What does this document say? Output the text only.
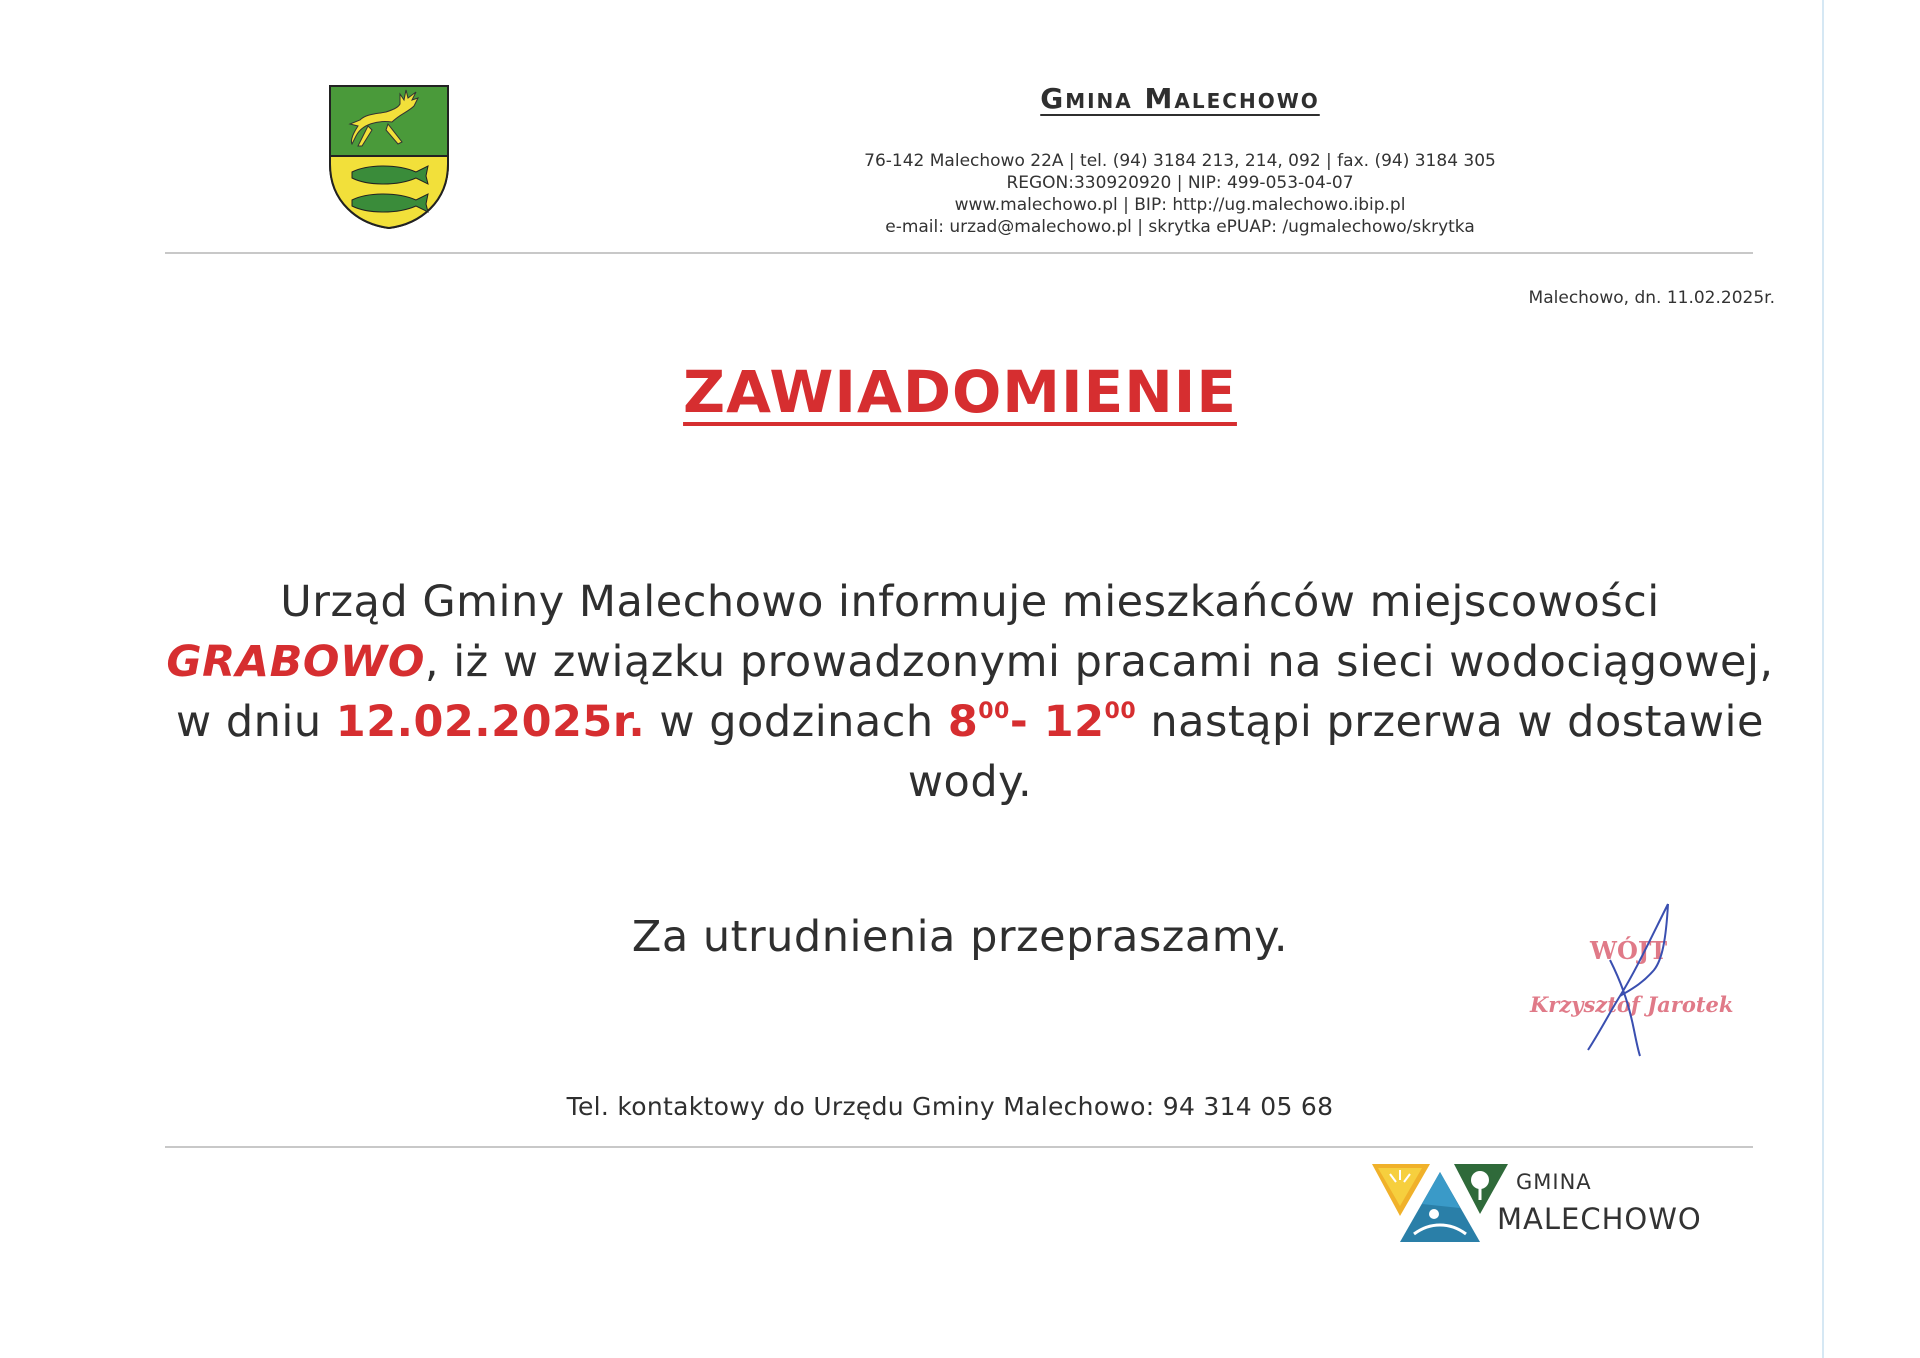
Gmina Malechowo
76-142 Malechowo 22A | tel. (94) 3184 213, 214, 092 | fax. (94) 3184 305
REGON:330920920 | NIP: 499-053-04-07
www.malechowo.pl | BIP: http://ug.malechowo.ibip.pl
e-mail: urzad@malechowo.pl | skrytka ePUAP: /ugmalechowo/skrytka
Malechowo, dn. 11.02.2025r.
ZAWIADOMIENIE
Urząd Gminy Malechowo informuje mieszkańców miejscowości
GRABOWO, iż w związku prowadzonymi pracami na sieci wodociągowej, w dniu 12.02.2025r. w godzinach $8^{00}-$ $12^{00}$ nastąpi przerwa w dostawie wody.
Za utrudnienia przepraszamy.	WÓJT
Krzysztof Jarotek
Tel. kontaktowy do Urzędu Gminy Malechowo: 94 314 05 68
GMINA
MALECHOWO
